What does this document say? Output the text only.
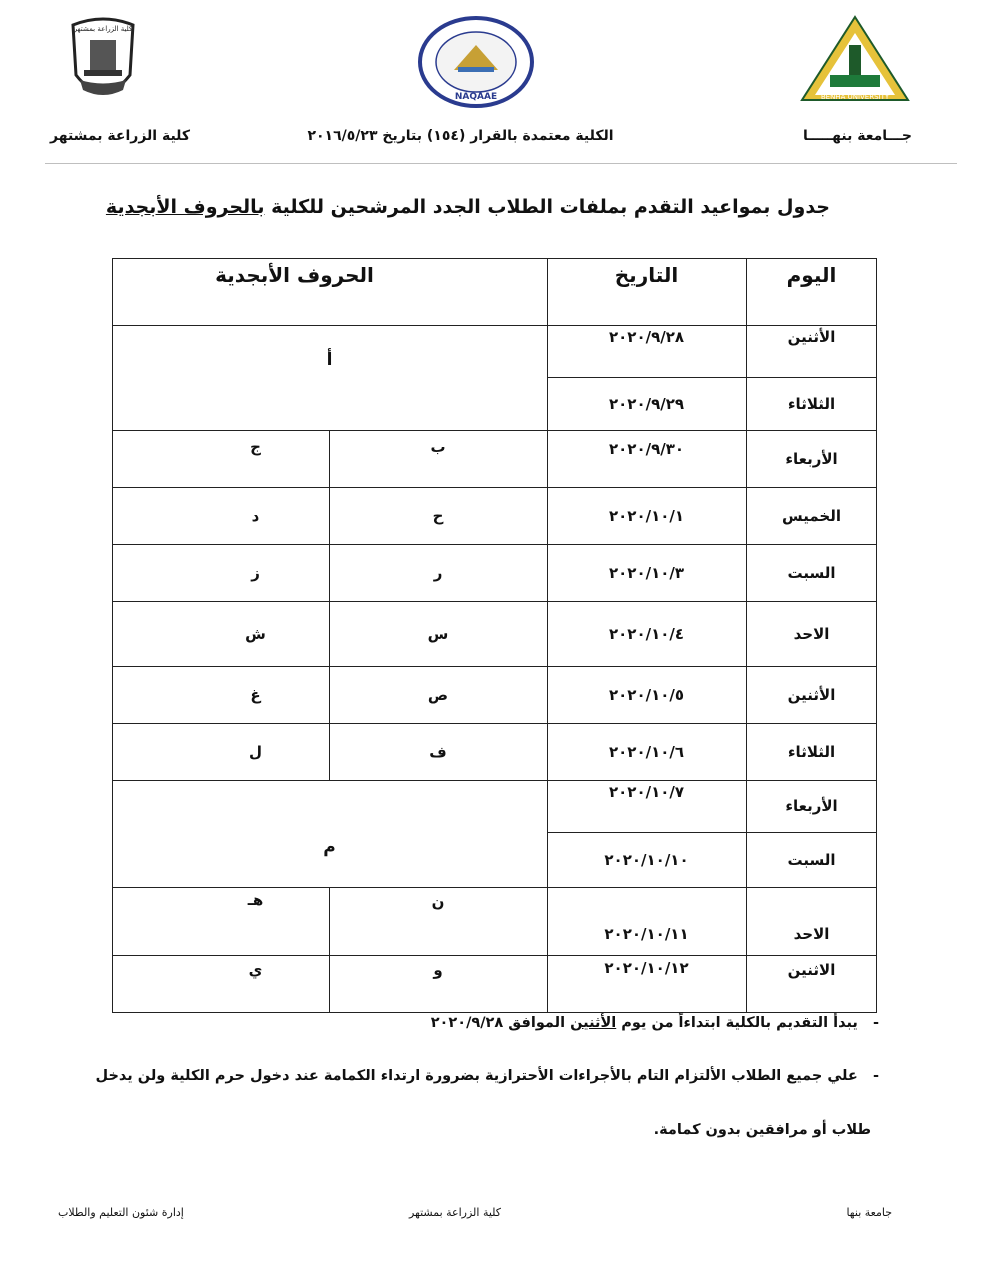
كلية الزراعة بمشتهر
NAQAAE	BENHA UNIVERSITY
جـــامعة بنهـــــا
الكلية معتمدة بالقرار (١٥٤) بتاريخ ٢٠١٦/٥/٢٣
كلية الزراعة بمشتهر
جدول بمواعيد التقدم بملفات الطلاب الجدد المرشحين للكلية بالحروف الأبجدية
اليوم
التاريخ
الحروف الأبجدية
الأثنين
٢٠٢٠/٩/٢٨
الثلاثاء
٢٠٢٠/٩/٢٩
أ
الأربعاء
٢٠٢٠/٩/٣٠
ب
ج
الخميس
٢٠٢٠/١٠/١
ح
د
السبت
٢٠٢٠/١٠/٣
ر
ز
الاحد
٢٠٢٠/١٠/٤
س
ش
الأثنين
٢٠٢٠/١٠/٥
ص
غ
الثلاثاء
٢٠٢٠/١٠/٦
ف
ل
الأربعاء
٢٠٢٠/١٠/٧
السبت
٢٠٢٠/١٠/١٠
م
الاحد
٢٠٢٠/١٠/١١
ن
هـ
الاثنين
٢٠٢٠/١٠/١٢
و
ي
-   يبدأ التقديم بالكلية ابتداءاً من يوم الأثنين الموافق ٢٠٢٠/٩/٢٨
-   علي جميع الطلاب الألتزام التام بالأجراءات الأحترازية بضرورة ارتداء الكمامة عند دخول حرم الكلية ولن يدخل
طلاب أو مرافقين بدون كمامة.
جامعة بنها
كلية الزراعة بمشتهر
إدارة شئون التعليم والطلاب
